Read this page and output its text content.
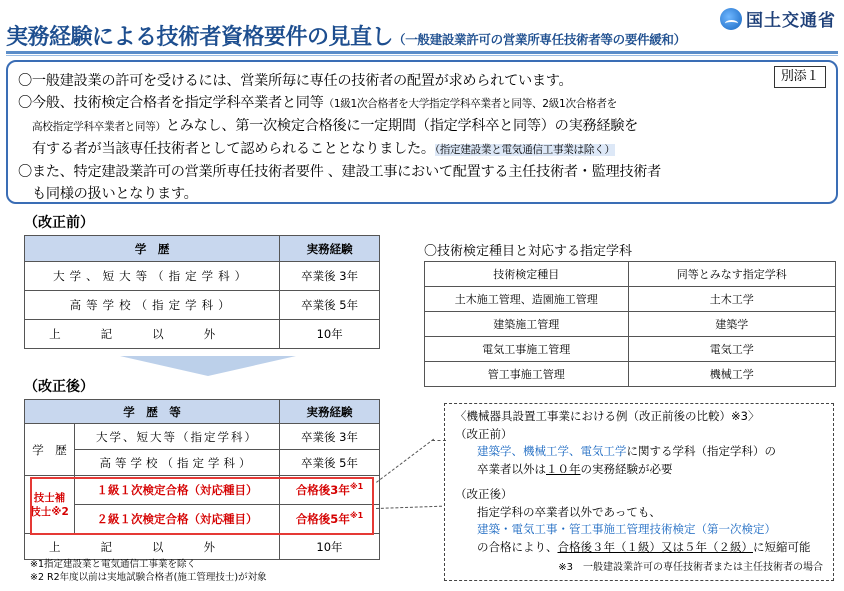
実務経験による技術者資格要件の見直し（一般建設業許可の営業所専任技術者等の要件緩和）
国土交通省
別添１

〇一般建設業の許可を受けるには、営業所毎に専任の技術者の配置が求められています。

〇今般、技術検定合格者を指定学科卒業者と同等（1級1次合格者を大学指定学科卒業者と同等、2級1次合格者を

高校指定学科卒業者と同等）とみなし、第一次検定合格後に一定期間（指定学科卒と同等）の実務経験を

有する者が当該専任技術者として認められることとなりました。（指定建設業と電気通信工事業は除く）

〇また、特定建設業許可の営業所専任技術者要件 、建設工事において配置する主任技術者・監理技術者

も同様の扱いとなります。

（改正前）
学　歴	実務経験
大学、短大等（指定学科）	卒業後 3年
高等学校（指定学科）	卒業後 5年
上記以外	10年
（改正後）
学　歴　等		実務経験
学　歴	大学、短大等（指定学科）	卒業後 3年
	高等学校（指定学科）	卒業後 5年
技士補
技士※2	１級１次検定合格（対応種目）	合格後3年$^{※1}$
	２級１次検定合格（対応種目）	合格後5年$^{※1}$
上記以外		10年
〇技術検定種目と対応する指定学科
技術検定種目	同等とみなす指定学科
土木施工管理、造園施工管理	土木工学
建築施工管理	建築学
電気工事施工管理	電気工学
管工事施工管理	機械工学

〈機械器具設置工事業における例（改正前後の比較）※3〉

（改正前）

建築学、機械工学、電気工学に関する学科（指定学科）の

卒業者以外は１０年の実務経験が必要

（改正後）

指定学科の卒業者以外であっても、

建築・電気工事・管工事施工管理技術検定（第一次検定）

の合格により、合格後３年（１級）又は５年（２級）に短縮可能

※3　一般建設業許可の専任技術者または主任技術者の場合
※1指定建設業と電気通信工事業を除く
※2 R2年度以前は実地試験合格者(施工管理技士)が対象
